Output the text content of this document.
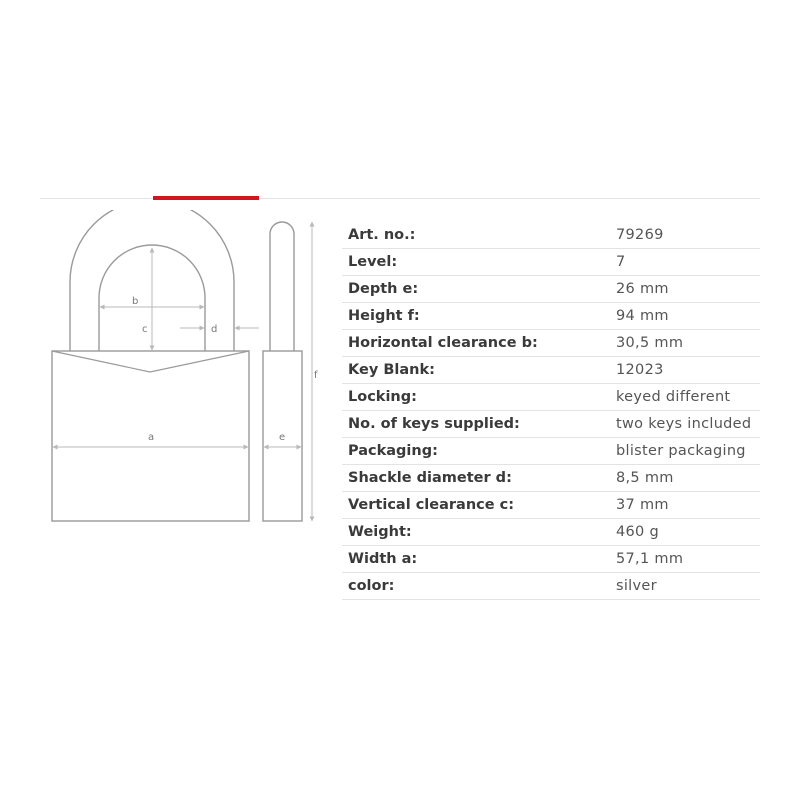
b
c	d
a	e
f
Art. no.:	79269
Level:	7
Depth e:	26 mm
Height f:	94 mm
Horizontal clearance b:	30,5 mm
Key Blank:	12023
Locking:	keyed different
No. of keys supplied:	two keys included
Packaging:	blister packaging
Shackle diameter d:	8,5 mm
Vertical clearance c:	37 mm
Weight:	460 g
Width a:	57,1 mm
color:	silver
